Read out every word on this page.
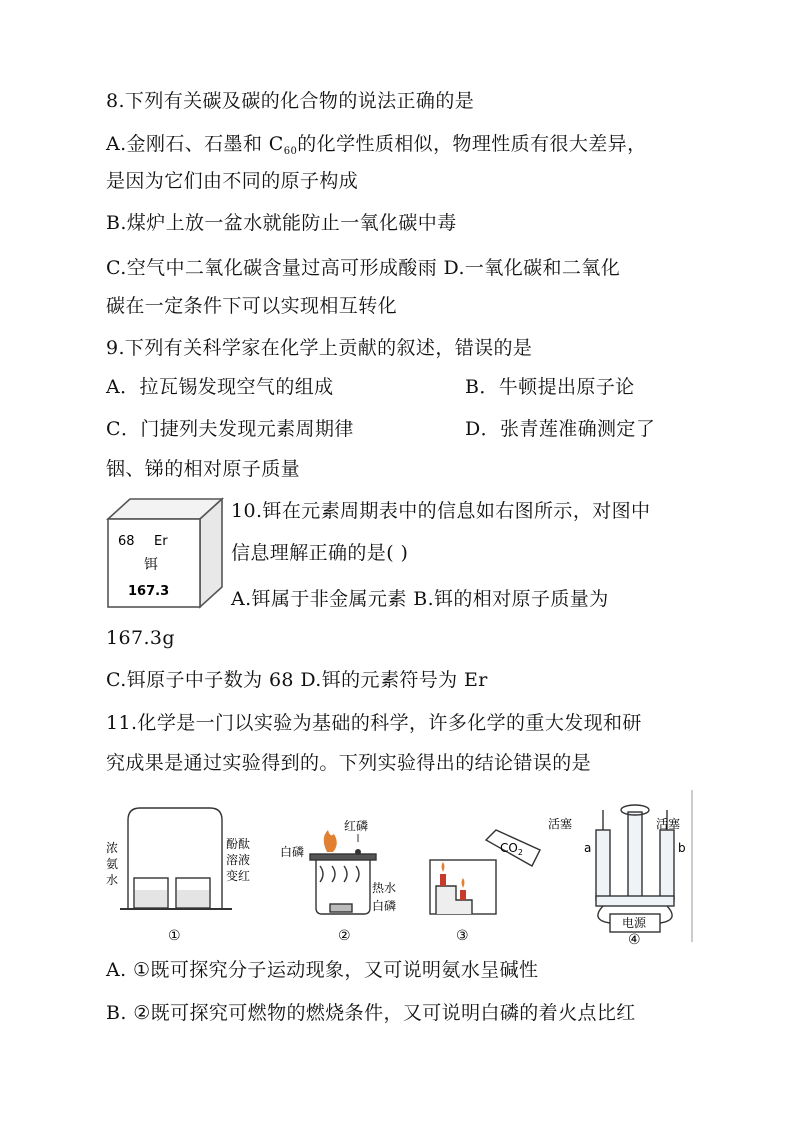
8.下列有关碳及碳的化合物的说法正确的是
A.金刚石、石墨和 $C_{60}$的化学性质相似，物理性质有很大差异，
是因为它们由不同的原子构成
B.煤炉上放一盆水就能防止一氧化碳中毒
C.空气中二氧化碳含量过高可形成酸雨 D.一氧化碳和二氧化
碳在一定条件下可以实现相互转化
9.下列有关科学家在化学上贡献的叙述，错误的是
A．拉瓦锡发现空气的组成	B．牛顿提出原子论
C．门捷列夫发现元素周期律	D．张青莲准确测定了
铟、锑的相对原子质量
68 Er
铒
167.3
10.铒在元素周期表中的信息如右图所示，对图中
信息理解正确的是( )
A.铒属于非金属元素 B.铒的相对原子质量为
167.3g
C.铒原子中子数为 68 D.铒的元素符号为 Er
11.化学是一门以实验为基础的科学，许多化学的重大发现和研
究成果是通过实验得到的。下列实验得出的结论错误的是
浓
氨
水
酚酞
溶液
变红
①
红磷
白磷
热水
白磷
②
$CO_2$
③
活塞	活塞
a	b
电源
④
A. ①既可探究分子运动现象，又可说明氨水呈碱性
B. ②既可探究可燃物的燃烧条件，又可说明白磷的着火点比红
